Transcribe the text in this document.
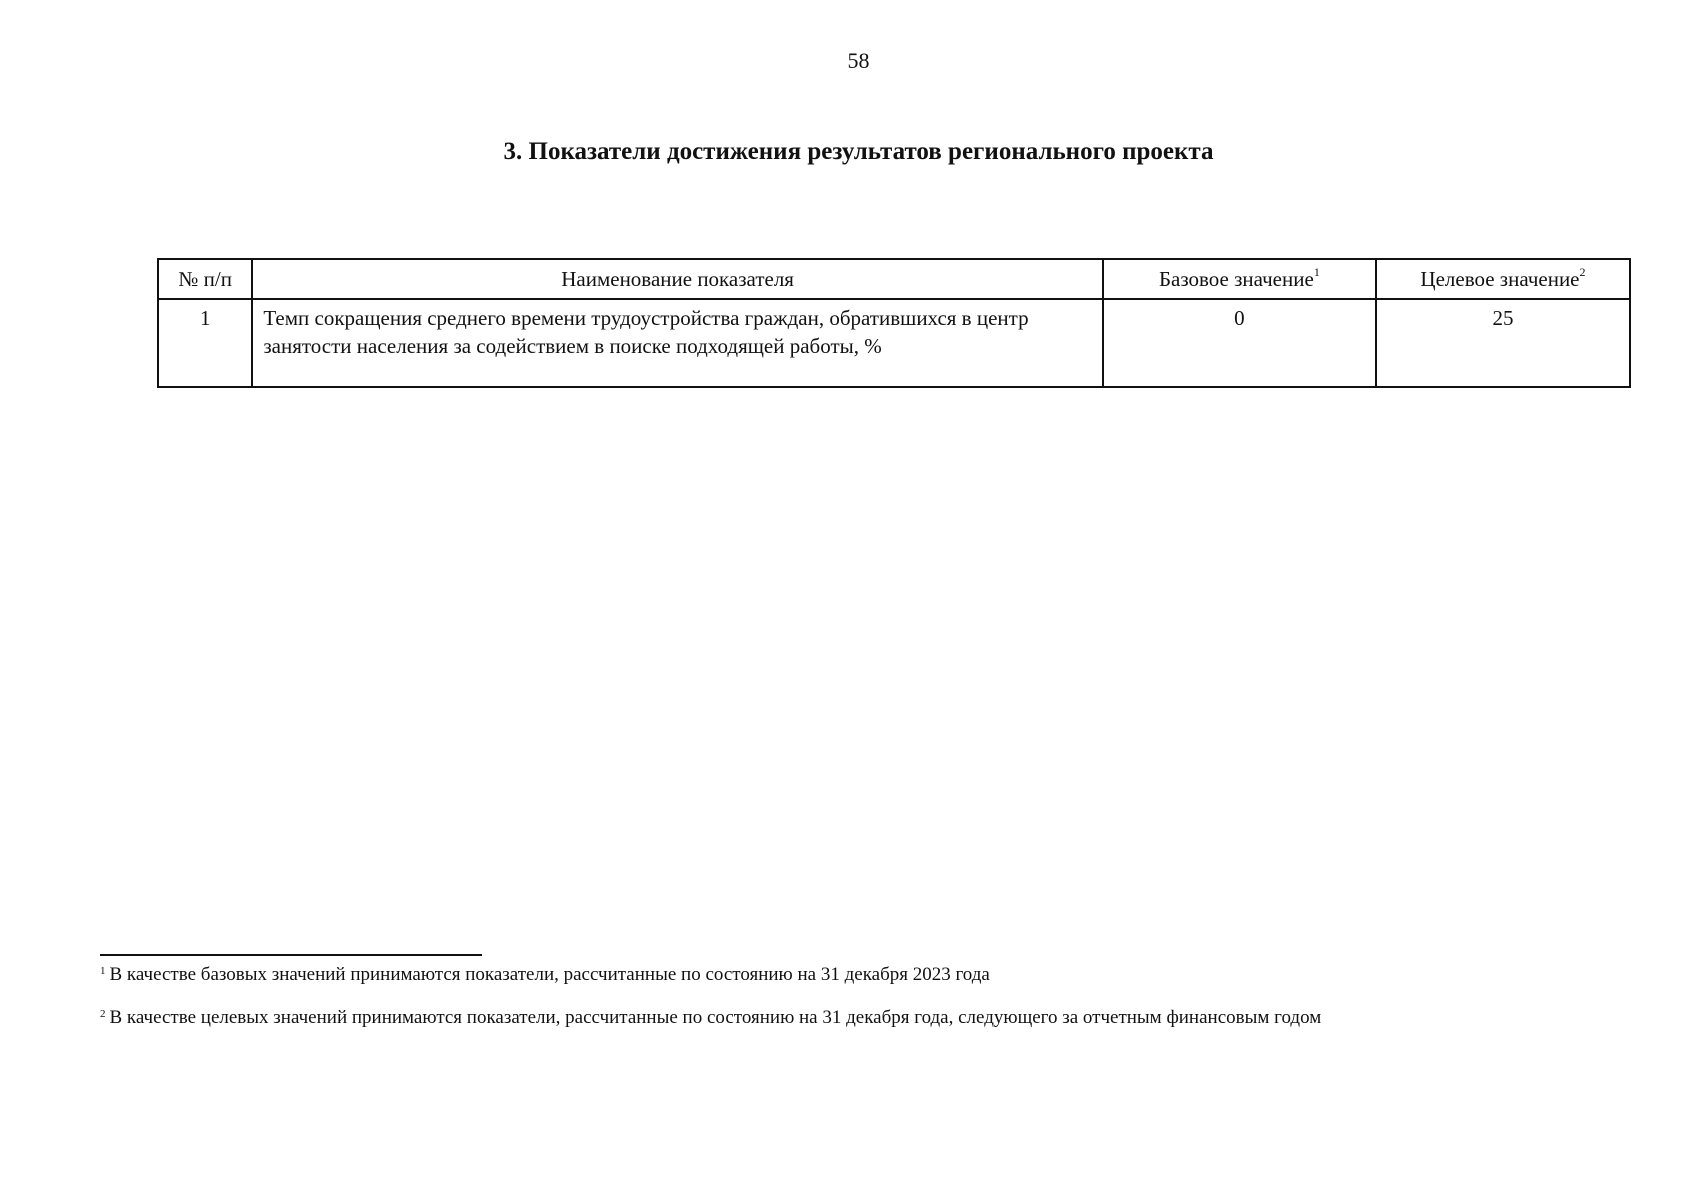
58
3. Показатели достижения результатов регионального проекта
№ п/п	Наименование показателя	Базовое значение$^1$	Целевое значение$^2$
1	Темп сокращения среднего времени трудоустройства граждан, обратившихся в центр занятости населения за содействием в поиске подходящей работы, %	0	25
$^1$ В качестве базовых значений принимаются показатели, рассчитанные по состоянию на 31 декабря 2023 года
$^2$ В качестве целевых значений принимаются показатели, рассчитанные по состоянию на 31 декабря года, следующего за отчетным финансовым годом
